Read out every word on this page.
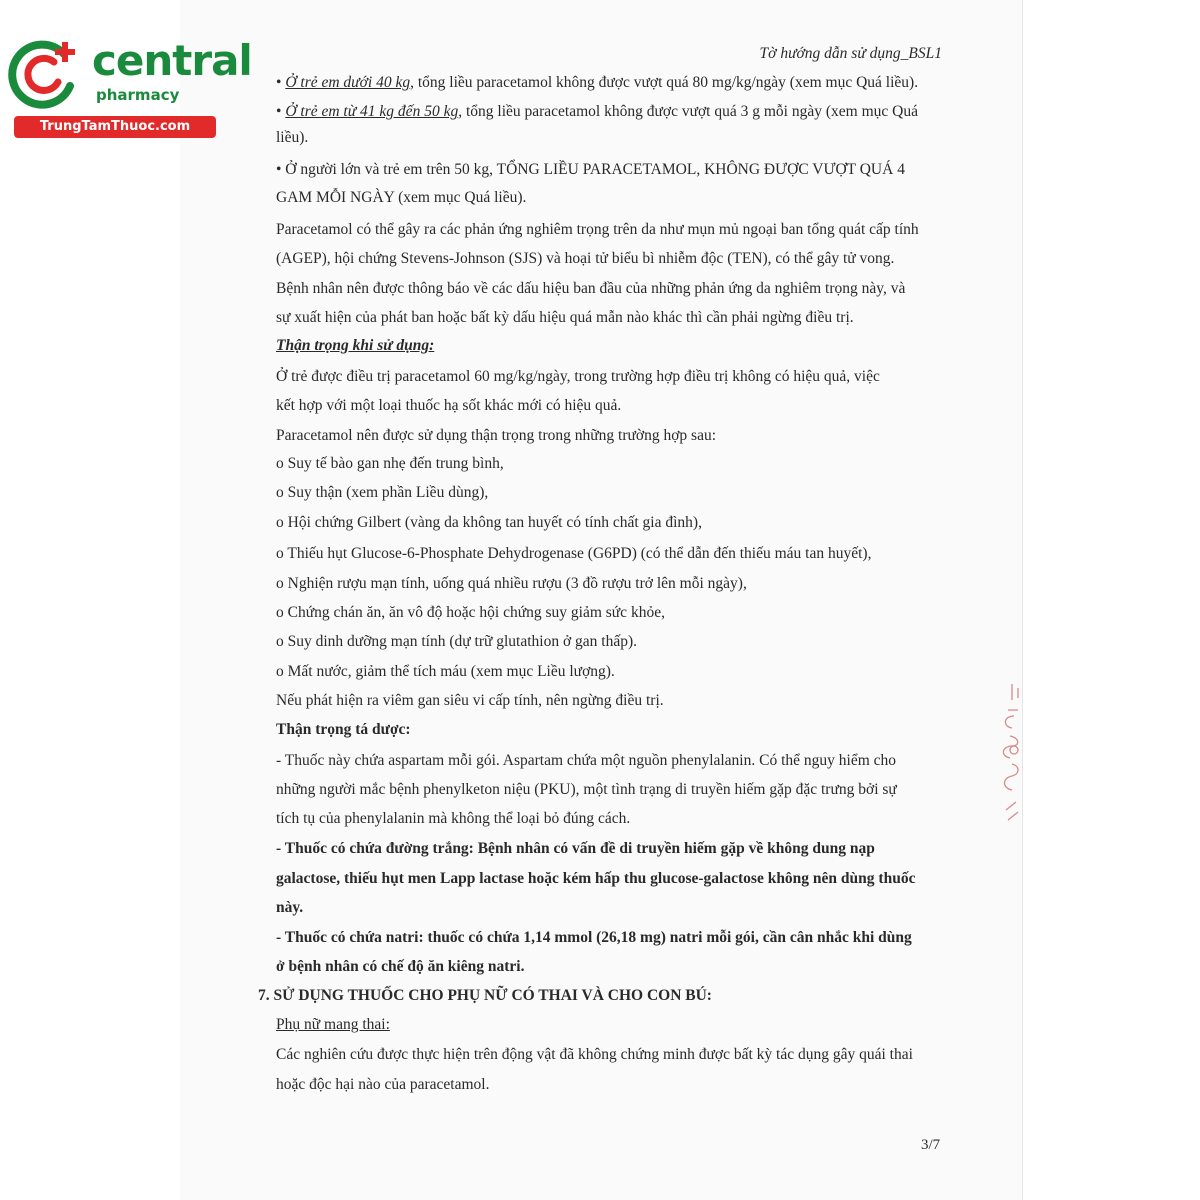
central
pharmacy
TrungTamThuoc.com
Tờ hướng dẫn sử dụng_BSL1
• Ở trẻ em dưới 40 kg, tổng liều paracetamol không được vượt quá 80 mg/kg/ngày (xem mục Quá liều).
• Ở trẻ em từ 41 kg đến 50 kg, tổng liều paracetamol không được vượt quá 3 g mỗi ngày (xem mục Quá
liều).
• Ở người lớn và trẻ em trên 50 kg, TỔNG LIỀU PARACETAMOL, KHÔNG ĐƯỢC VƯỢT QUÁ 4
GAM MỖI NGÀY (xem mục Quá liều).
Paracetamol có thể gây ra các phản ứng nghiêm trọng trên da như mụn mủ ngoại ban tổng quát cấp tính
(AGEP), hội chứng Stevens-Johnson (SJS) và hoại tử biểu bì nhiễm độc (TEN), có thể gây tử vong.
Bệnh nhân nên được thông báo về các dấu hiệu ban đầu của những phản ứng da nghiêm trọng này, và
sự xuất hiện của phát ban hoặc bất kỳ dấu hiệu quá mẫn nào khác thì cần phải ngừng điều trị.
Thận trọng khi sử dụng:
Ở trẻ được điều trị paracetamol 60 mg/kg/ngày, trong trường hợp điều trị không có hiệu quả, việc
kết hợp với một loại thuốc hạ sốt khác mới có hiệu quả.
Paracetamol nên được sử dụng thận trọng trong những trường hợp sau:
o Suy tế bào gan nhẹ đến trung bình,
o Suy thận (xem phần Liều dùng),
o Hội chứng Gilbert (vàng da không tan huyết có tính chất gia đình),
o Thiếu hụt Glucose-6-Phosphate Dehydrogenase (G6PD) (có thể dẫn đến thiếu máu tan huyết),
o Nghiện rượu mạn tính, uống quá nhiều rượu (3 đồ rượu trở lên mỗi ngày),
o Chứng chán ăn, ăn vô độ hoặc hội chứng suy giảm sức khỏe,
o Suy dinh dưỡng mạn tính (dự trữ glutathion ở gan thấp).
o Mất nước, giảm thể tích máu (xem mục Liều lượng).
Nếu phát hiện ra viêm gan siêu vi cấp tính, nên ngừng điều trị.
Thận trọng tá dược:
- Thuốc này chứa aspartam mỗi gói. Aspartam chứa một nguồn phenylalanin. Có thể nguy hiểm cho
những người mắc bệnh phenylketon niệu (PKU), một tình trạng di truyền hiếm gặp đặc trưng bởi sự
tích tụ của phenylalanin mà không thể loại bỏ đúng cách.
- Thuốc có chứa đường trắng: Bệnh nhân có vấn đề di truyền hiếm gặp về không dung nạp
galactose, thiếu hụt men Lapp lactase hoặc kém hấp thu glucose-galactose không nên dùng thuốc
này.
- Thuốc có chứa natri: thuốc có chứa 1,14 mmol (26,18 mg) natri mỗi gói, cần cân nhắc khi dùng
ở bệnh nhân có chế độ ăn kiêng natri.
7. SỬ DỤNG THUỐC CHO PHỤ NỮ CÓ THAI VÀ CHO CON BÚ:
Phụ nữ mang thai:
Các nghiên cứu được thực hiện trên động vật đã không chứng minh được bất kỳ tác dụng gây quái thai
hoặc độc hại nào của paracetamol.
3/7
